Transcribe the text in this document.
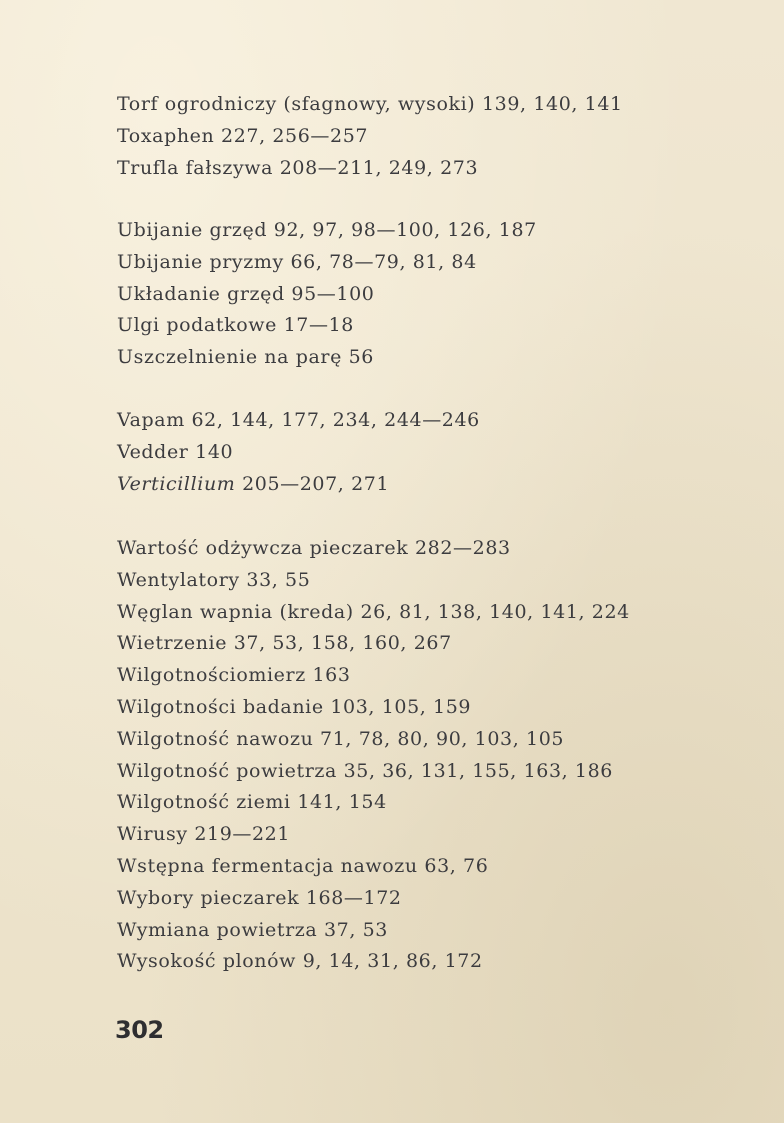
Torf ogrodniczy (sfagnowy, wysoki) 139, 140, 141
Toxaphen 227, 256—257
Trufla fałszywa 208—211, 249, 273
Ubijanie grzęd 92, 97, 98—100, 126, 187
Ubijanie pryzmy 66, 78—79, 81, 84
Układanie grzęd 95—100
Ulgi podatkowe 17—18
Uszczelnienie na parę 56
Vapam 62, 144, 177, 234, 244—246
Vedder 140
Verticillium 205—207, 271
Wartość odżywcza pieczarek 282—283
Wentylatory 33, 55
Węglan wapnia (kreda) 26, 81, 138, 140, 141, 224
Wietrzenie 37, 53, 158, 160, 267
Wilgotnościomierz 163
Wilgotności badanie 103, 105, 159
Wilgotność nawozu 71, 78, 80, 90, 103, 105
Wilgotność powietrza 35, 36, 131, 155, 163, 186
Wilgotność ziemi 141, 154
Wirusy 219—221
Wstępna fermentacja nawozu 63, 76
Wybory pieczarek 168—172
Wymiana powietrza 37, 53
Wysokość plonów 9, 14, 31, 86, 172
302
